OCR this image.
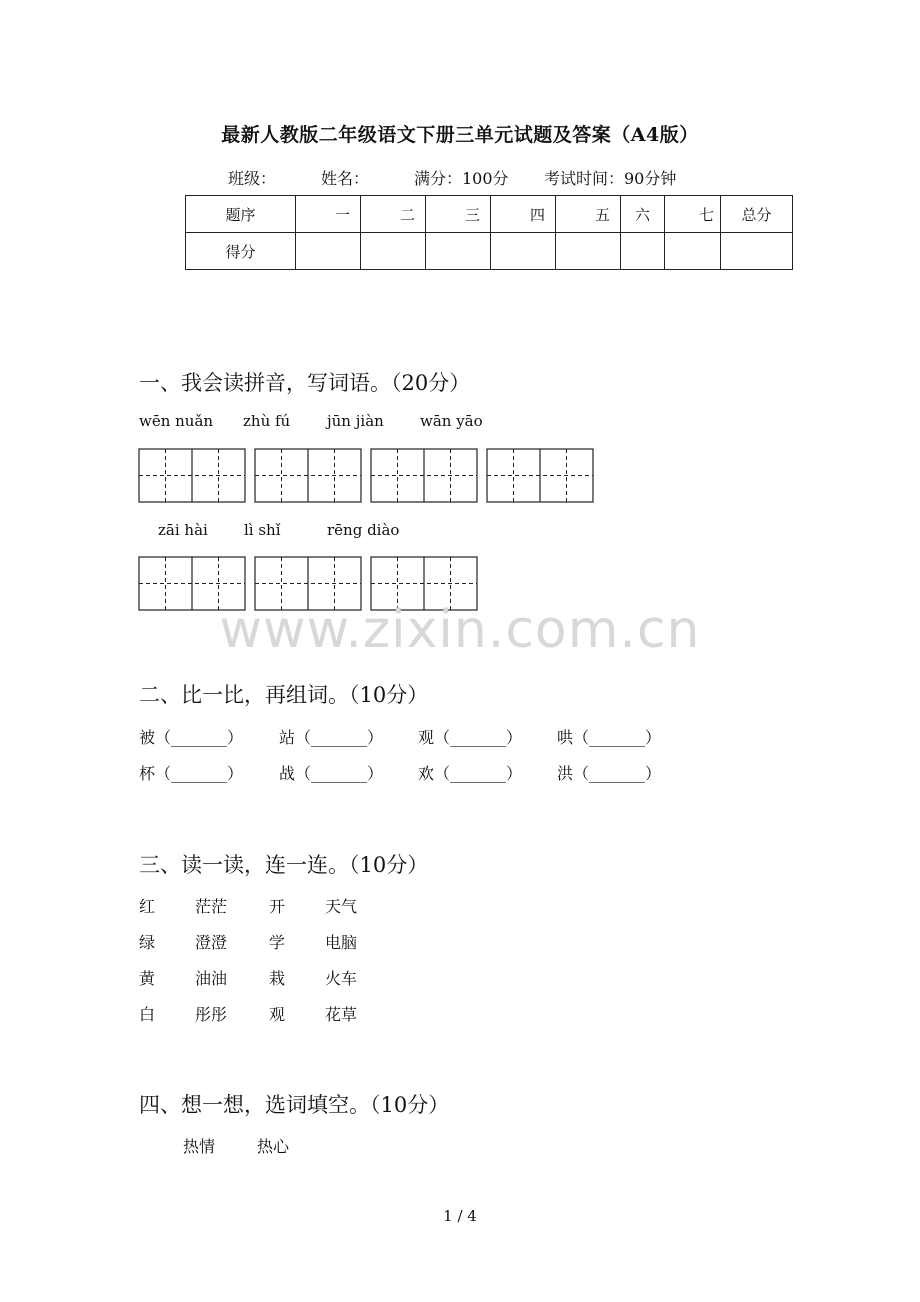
最新人教版二年级语文下册三单元试题及答案（A4版）
班级：	姓名：	满分：100分 考试时间：90分钟
题序	一	二	三	四	五	六	七	总分
得分								
一、我会读拼音，写词语。（20分）
wēn nuǎn zhù fú jūn jiàn wān yāo
zāi hài lì shǐ	rēng diào
www.zixin.com.cn
二、比一比，再组词。（10分）
被（_______） 站（_______） 观（_______） 哄（_______）
杯（_______） 战（_______） 欢（_______） 洪（_______）
三、读一读，连一连。（10分）
红 茫茫	开 天气
绿 澄澄	学 电脑
黄 油油	栽 火车
白 彤彤	观 花草
四、想一想，选词填空。（10分）
热情	热心
1 / 4
